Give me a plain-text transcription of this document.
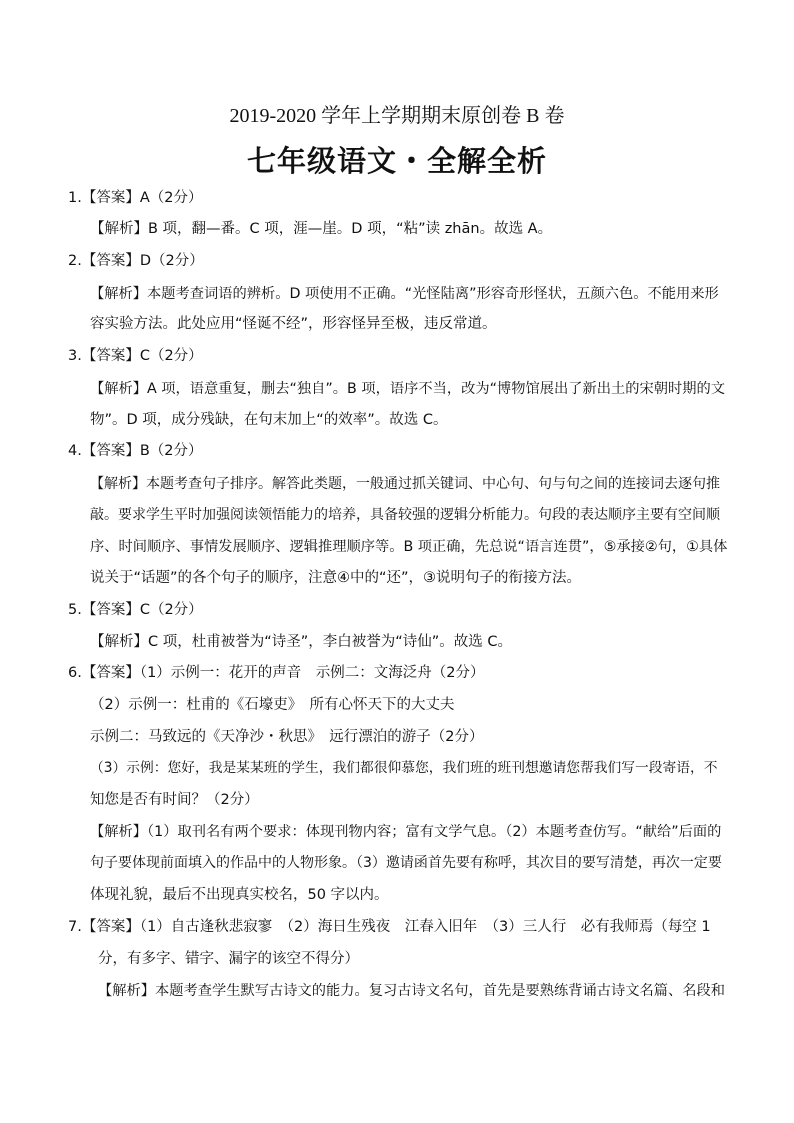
2019-2020 学年上学期期末原创卷 B 卷
七年级语文・全解全析
1.【答案】A（2分）
【解析】B 项，翻—番。C 项，涯—崖。D 项，“粘”读 zhān。故选 A。
2.【答案】D（2分）
【解析】本题考查词语的辨析。D 项使用不正确。“光怪陆离”形容奇形怪状，五颜六色。不能用来形
容实验方法。此处应用“怪诞不经”，形容怪异至极，违反常道。
3.【答案】C（2分）
【解析】A 项，语意重复，删去“独自”。B 项，语序不当，改为“博物馆展出了新出土的宋朝时期的文
物”。D 项，成分残缺，在句末加上“的效率”。故选 C。
4.【答案】B（2分）
【解析】本题考查句子排序。解答此类题，一般通过抓关键词、中心句、句与句之间的连接词去逐句推
敲。要求学生平时加强阅读领悟能力的培养，具备较强的逻辑分析能力。句段的表达顺序主要有空间顺
序、时间顺序、事情发展顺序、逻辑推理顺序等。B 项正确，先总说“语言连贯”，⑤承接②句，①具体
说关于“话题”的各个句子的顺序，注意④中的“还”，③说明句子的衔接方法。
5.【答案】C（2分）
【解析】C 项，杜甫被誉为“诗圣”，李白被誉为“诗仙”。故选 C。
6.【答案】（1）示例一：花开的声音　示例二：文海泛舟（2分）
（2）示例一：杜甫的《石壕吏》　所有心怀天下的大丈夫
示例二：马致远的《天净沙・秋思》　远行漂泊的游子（2分）
（3）示例：您好，我是某某班的学生，我们都很仰慕您，我们班的班刊想邀请您帮我们写一段寄语，不
知您是否有时间？（2分）
【解析】（1）取刊名有两个要求：体现刊物内容；富有文学气息。（2）本题考查仿写。“献给”后面的
句子要体现前面填入的作品中的人物形象。（3）邀请函首先要有称呼，其次目的要写清楚，再次一定要
体现礼貌，最后不出现真实校名，50 字以内。
7.【答案】（1）自古逢秋悲寂寥　（2）海日生残夜　江春入旧年　（3）三人行　必有我师焉（每空 1
分，有多字、错字、漏字的该空不得分）
【解析】本题考查学生默写古诗文的能力。复习古诗文名句，首先是要熟练背诵古诗文名篇、名段和
